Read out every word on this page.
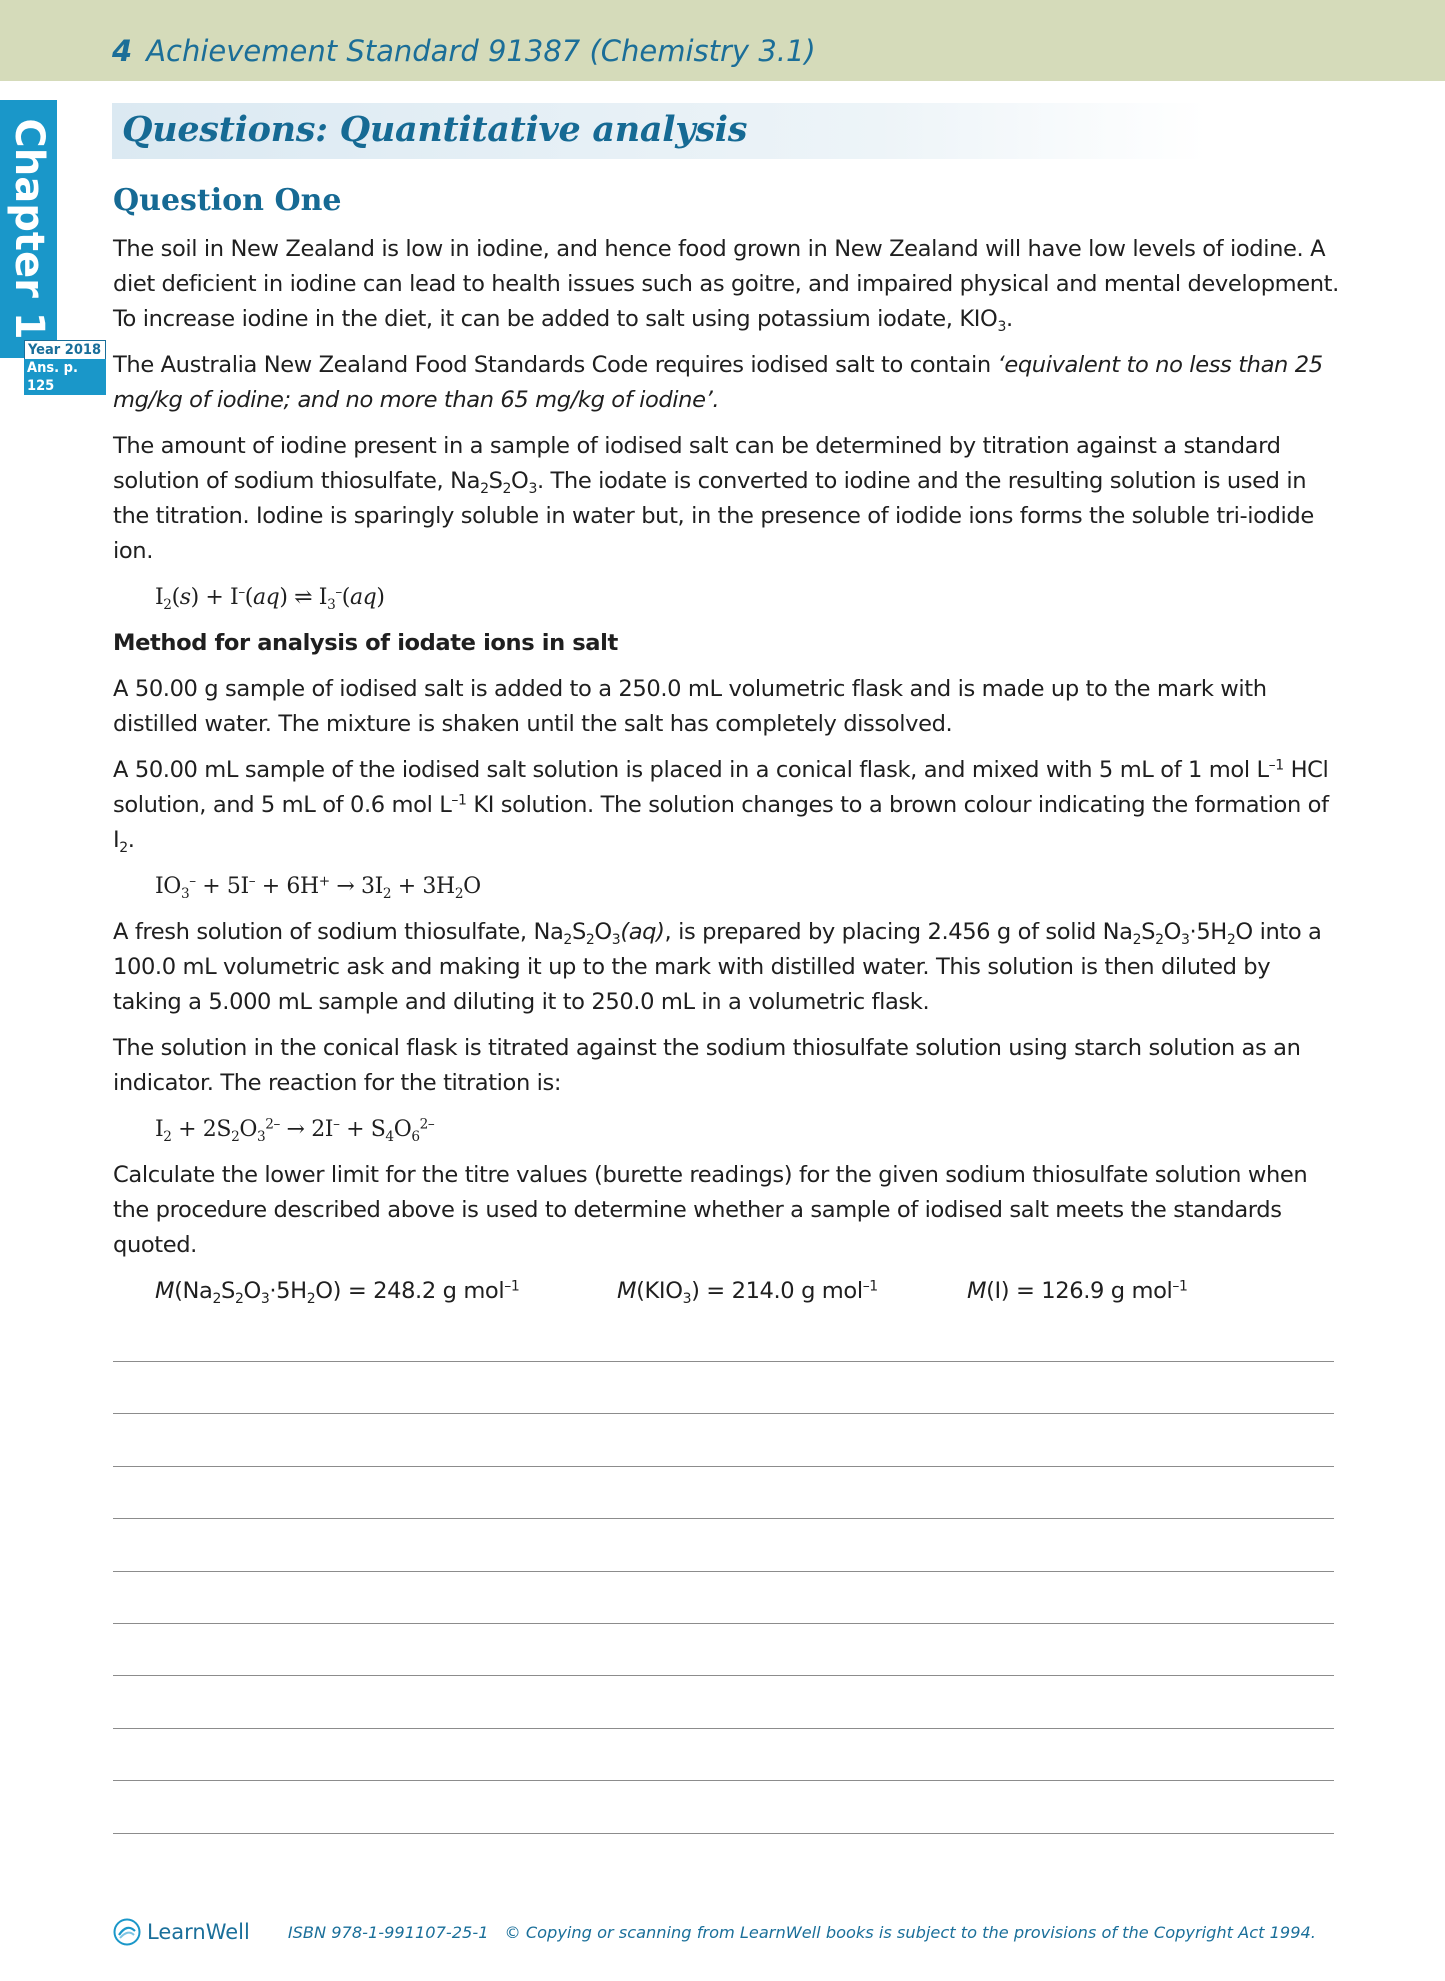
4 Achievement Standard 91387 (Chemistry 3.1)
Chapter 1
Year 2018
Ans. p. 125
Questions: Quantitative analysis
Question One

The soil in New Zealand is low in iodine, and hence food grown in New Zealand will have low levels of iodine. A diet deficient in iodine can lead to health issues such as goitre, and impaired physical and mental development. To increase iodine in the diet, it can be added to salt using potassium iodate, $KIO_3$.

The Australia New Zealand Food Standards Code requires iodised salt to contain ‘equivalent to no less than 25 mg/kg of iodine; and no more than 65 mg/kg of iodine’.

The amount of iodine present in a sample of iodised salt can be determined by titration against a standard solution of sodium thiosulfate, $Na_2S_2O_3$. The iodate is converted to iodine and the resulting solution is used in the titration. Iodine is sparingly soluble in water but, in the presence of iodide ions forms the soluble tri-iodide ion.

$I_2(s) + I^-(aq)$ ⇌ $I_3^-(aq)$

Method for analysis of iodate ions in salt

A 50.00 g sample of iodised salt is added to a 250.0 mL volumetric flask and is made up to the mark with distilled water. The mixture is shaken until the salt has completely dissolved.

A 50.00 mL sample of the iodised salt solution is placed in a conical flask, and mixed with 5 mL of 1 mol $L^{-1}$ HCl solution, and 5 mL of 0.6 mol $L^{-1}$ KI solution. The solution changes to a brown colour indicating the formation of $I_2$.

$IO_3^- + 5I^- + 6H^+ \to 3I_2 + 3H_2O$

A fresh solution of sodium thiosulfate, $Na_2S_2O_3(aq)$, is prepared by placing 2.456 g of solid $Na_2S_2O_3\cdot 5H_2O$ into a 100.0 mL volumetric ask and making it up to the mark with distilled water. This solution is then diluted by taking a 5.000 mL sample and diluting it to 250.0 mL in a volumetric flask.

The solution in the conical flask is titrated against the sodium thiosulfate solution using starch solution as an indicator. The reaction for the titration is:

$I_2 + 2S_2O_3^{2-} \to 2I^- + S_4O_6^{2-}$

Calculate the lower limit for the titre values (burette readings) for the given sodium thiosulfate solution when the procedure described above is used to determine whether a sample of iodised salt meets the standards quoted.

$M(Na_2S_2O_3\cdot 5H_2O) = 248.2$ g mol$^{-1}$	$M(KIO_3) = 214.0$ g mol$^{-1}$	M(I) = 126.9 g mol$^{-1}$
LearnWell ISBN 978-1-991107-25-1 © Copying or scanning from LearnWell books is subject to the provisions of the Copyright Act 1994.
